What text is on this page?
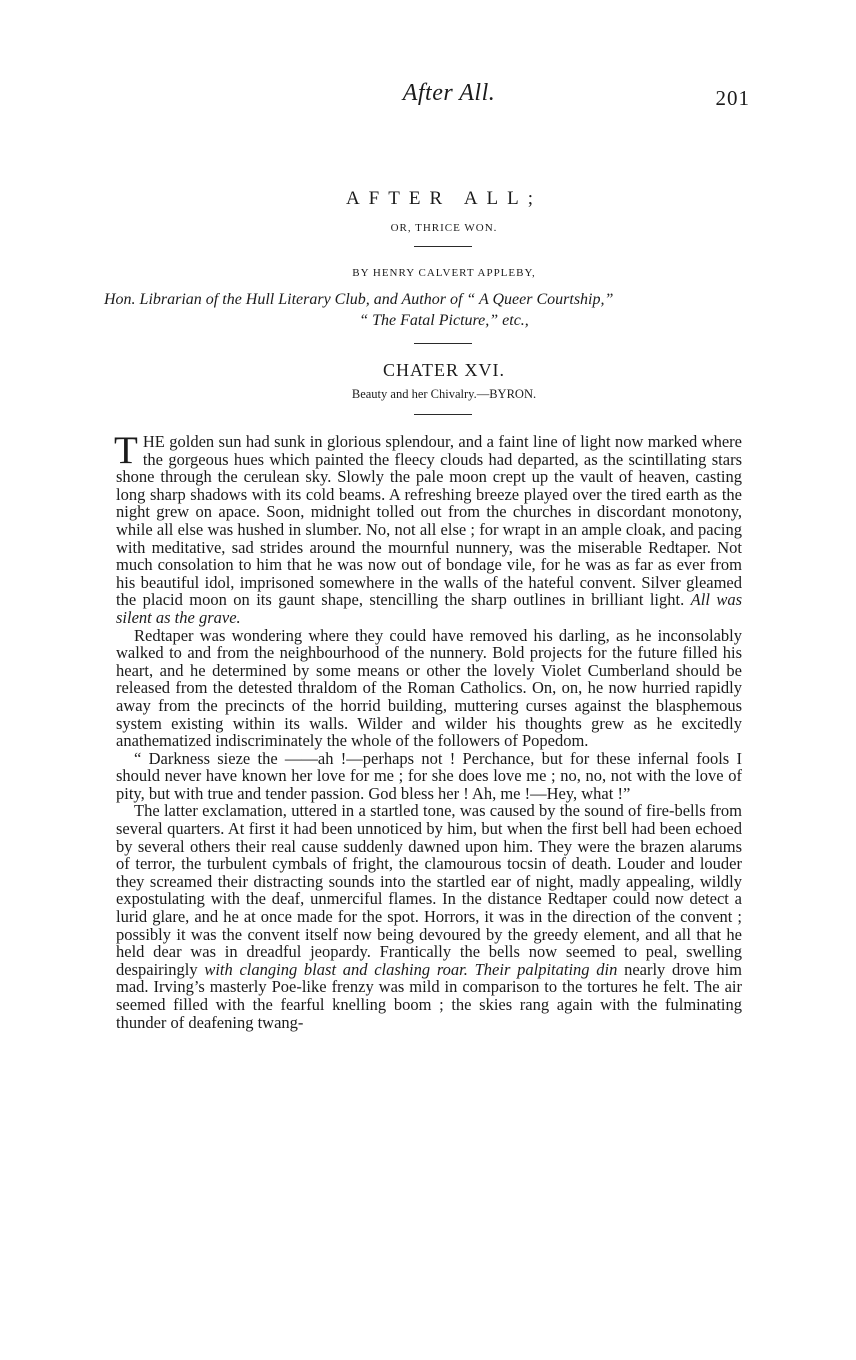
After All.	201
AFTER ALL;
OR, THRICE WON.
BY HENRY CALVERT APPLEBY,
Hon. Librarian of the Hull Literary Club, and Author of “ A Queer Courtship,”
“ The Fatal Picture,” etc.,
CHATER XVI.
Beauty and her Chivalry.—BYRON.

THE golden sun had sunk in glorious splendour, and a faint line of light now marked where the gorgeous hues which painted the fleecy clouds had departed, as the scintillating stars shone through the cerulean sky. Slowly the pale moon crept up the vault of heaven, casting long sharp shadows with its cold beams. A refreshing breeze played over the tired earth as the night grew on apace. Soon, midnight tolled out from the churches in discordant monotony, while all else was hushed in slumber. No, not all else ; for wrapt in an ample cloak, and pacing with meditative, sad strides around the mournful nunnery, was the miserable Redtaper. Not much consolation to him that he was now out of bondage vile, for he was as far as ever from his beautiful idol, imprisoned somewhere in the walls of the hateful convent. Silver gleamed the placid moon on its gaunt shape, stencilling the sharp outlines in brilliant light. All was silent as the grave.

Redtaper was wondering where they could have removed his darling, as he inconsolably walked to and from the neighbourhood of the nunnery. Bold projects for the future filled his heart, and he determined by some means or other the lovely Violet Cumberland should be released from the detested thraldom of the Roman Catholics. On, on, he now hurried rapidly away from the precincts of the horrid building, muttering curses against the blasphemous system existing within its walls. Wilder and wilder his thoughts grew as he excitedly anathematized indiscriminately the whole of the followers of Popedom.

“ Darkness sieze the ——ah !—perhaps not ! Perchance, but for these infernal fools I should never have known her love for me ; for she does love me ; no, no, not with the love of pity, but with true and tender passion. God bless her ! Ah, me !—Hey, what !”

The latter exclamation, uttered in a startled tone, was caused by the sound of fire-bells from several quarters. At first it had been unnoticed by him, but when the first bell had been echoed by several others their real cause suddenly dawned upon him. They were the brazen alarums of terror, the turbulent cymbals of fright, the clamourous tocsin of death. Louder and louder they screamed their distracting sounds into the startled ear of night, madly appealing, wildly expostulating with the deaf, unmerciful flames. In the distance Redtaper could now detect a lurid glare, and he at once made for the spot. Horrors, it was in the direction of the convent ; possibly it was the convent itself now being devoured by the greedy element, and all that he held dear was in dreadful jeopardy. Frantically the bells now seemed to peal, swelling despairingly with clanging blast and clashing roar. Their palpitating din nearly drove him mad. Irving’s masterly Poe-like frenzy was mild in comparison to the tortures he felt. The air seemed filled with the fearful knelling boom ; the skies rang again with the fulminating thunder of deafening twang-
